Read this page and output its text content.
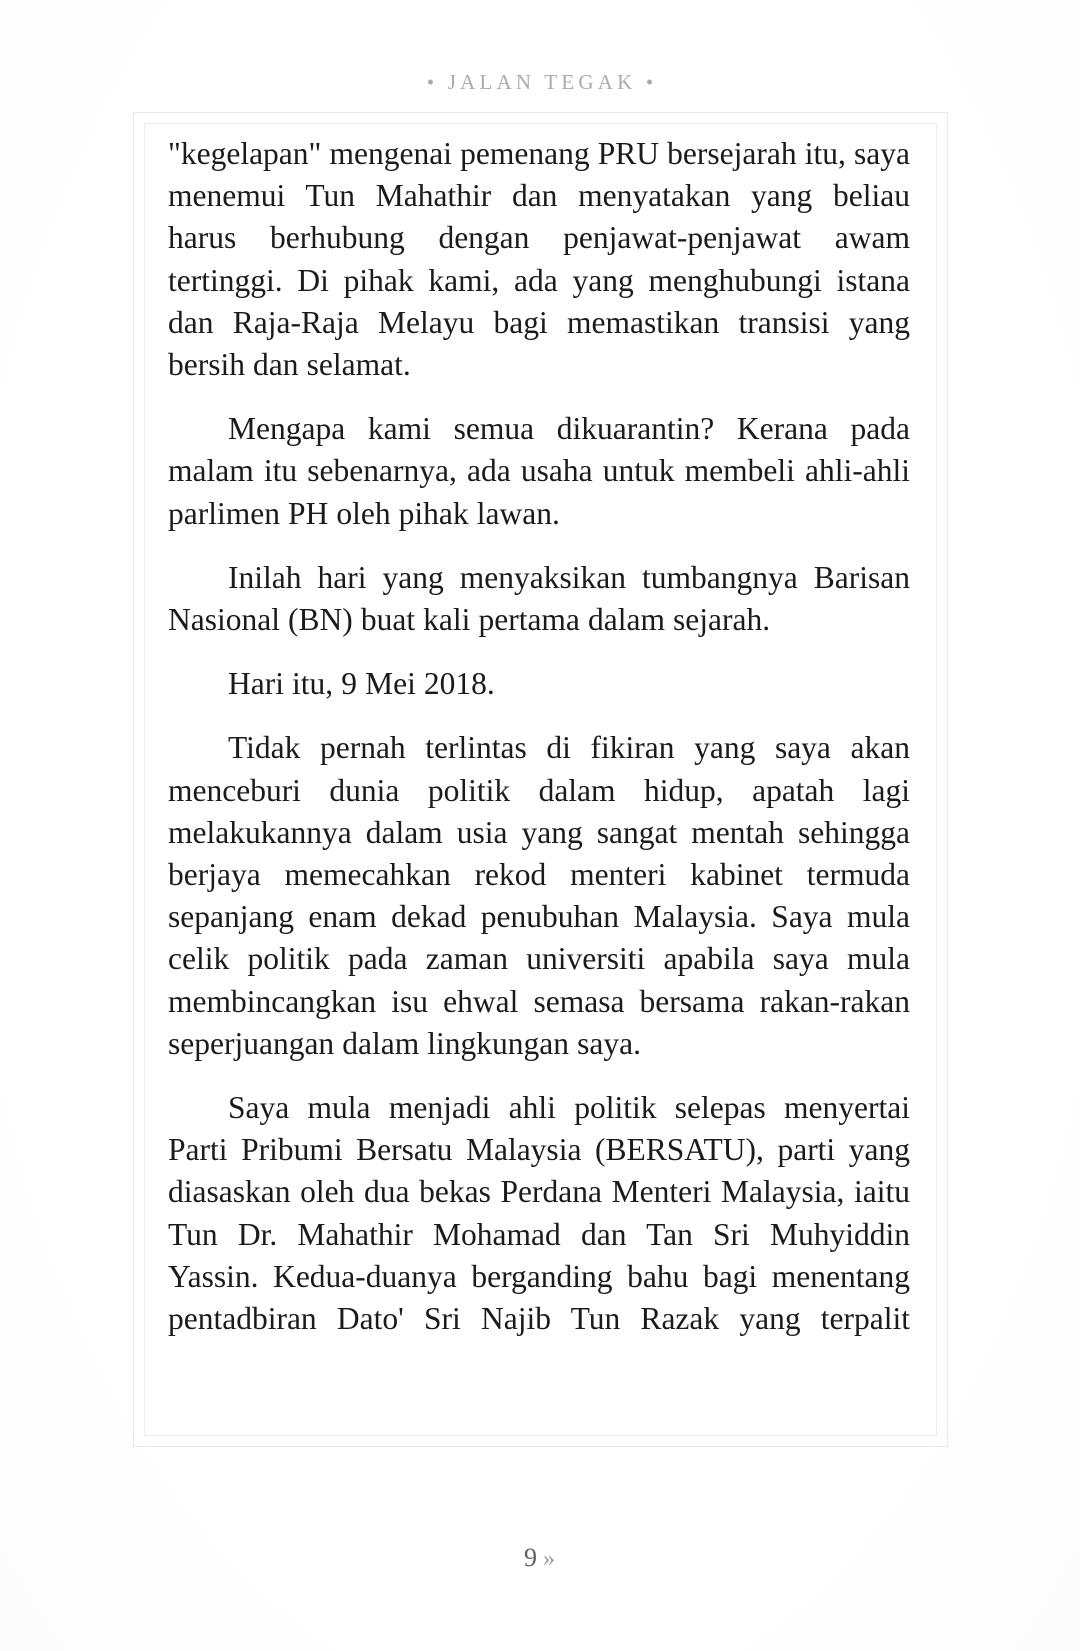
• JALAN TEGAK •

"kegelapan" mengenai pemenang PRU bersejarah itu, saya menemui Tun Mahathir dan menyatakan yang beliau harus berhubung dengan penjawat-penjawat awam tertinggi. Di pihak kami, ada yang menghubungi istana dan Raja-Raja Melayu bagi memastikan transisi yang bersih dan selamat.

Mengapa kami semua dikuarantin? Kerana pada malam itu sebenarnya, ada usaha untuk membeli ahli-ahli parlimen PH oleh pihak lawan.

Inilah hari yang menyaksikan tumbangnya Barisan Nasional (BN) buat kali pertama dalam sejarah.

Hari itu, 9 Mei 2018.

Tidak pernah terlintas di fikiran yang saya akan menceburi dunia politik dalam hidup, apatah lagi melakukannya dalam usia yang sangat mentah sehingga berjaya memecahkan rekod menteri kabinet termuda sepanjang enam dekad penubuhan Malaysia. Saya mula celik politik pada zaman universiti apabila saya mula membincangkan isu ehwal semasa bersama rakan-rakan seperjuangan dalam lingkungan saya.

Saya mula menjadi ahli politik selepas menyertai Parti Pribumi Bersatu Malaysia (BERSATU), parti yang diasaskan oleh dua bekas Perdana Menteri Malaysia, iaitu Tun Dr. Mahathir Mohamad dan Tan Sri Muhyiddin Yassin. Kedua-duanya berganding bahu bagi menentang pentadbiran Dato' Sri Najib Tun Razak yang terpalit

9 »
